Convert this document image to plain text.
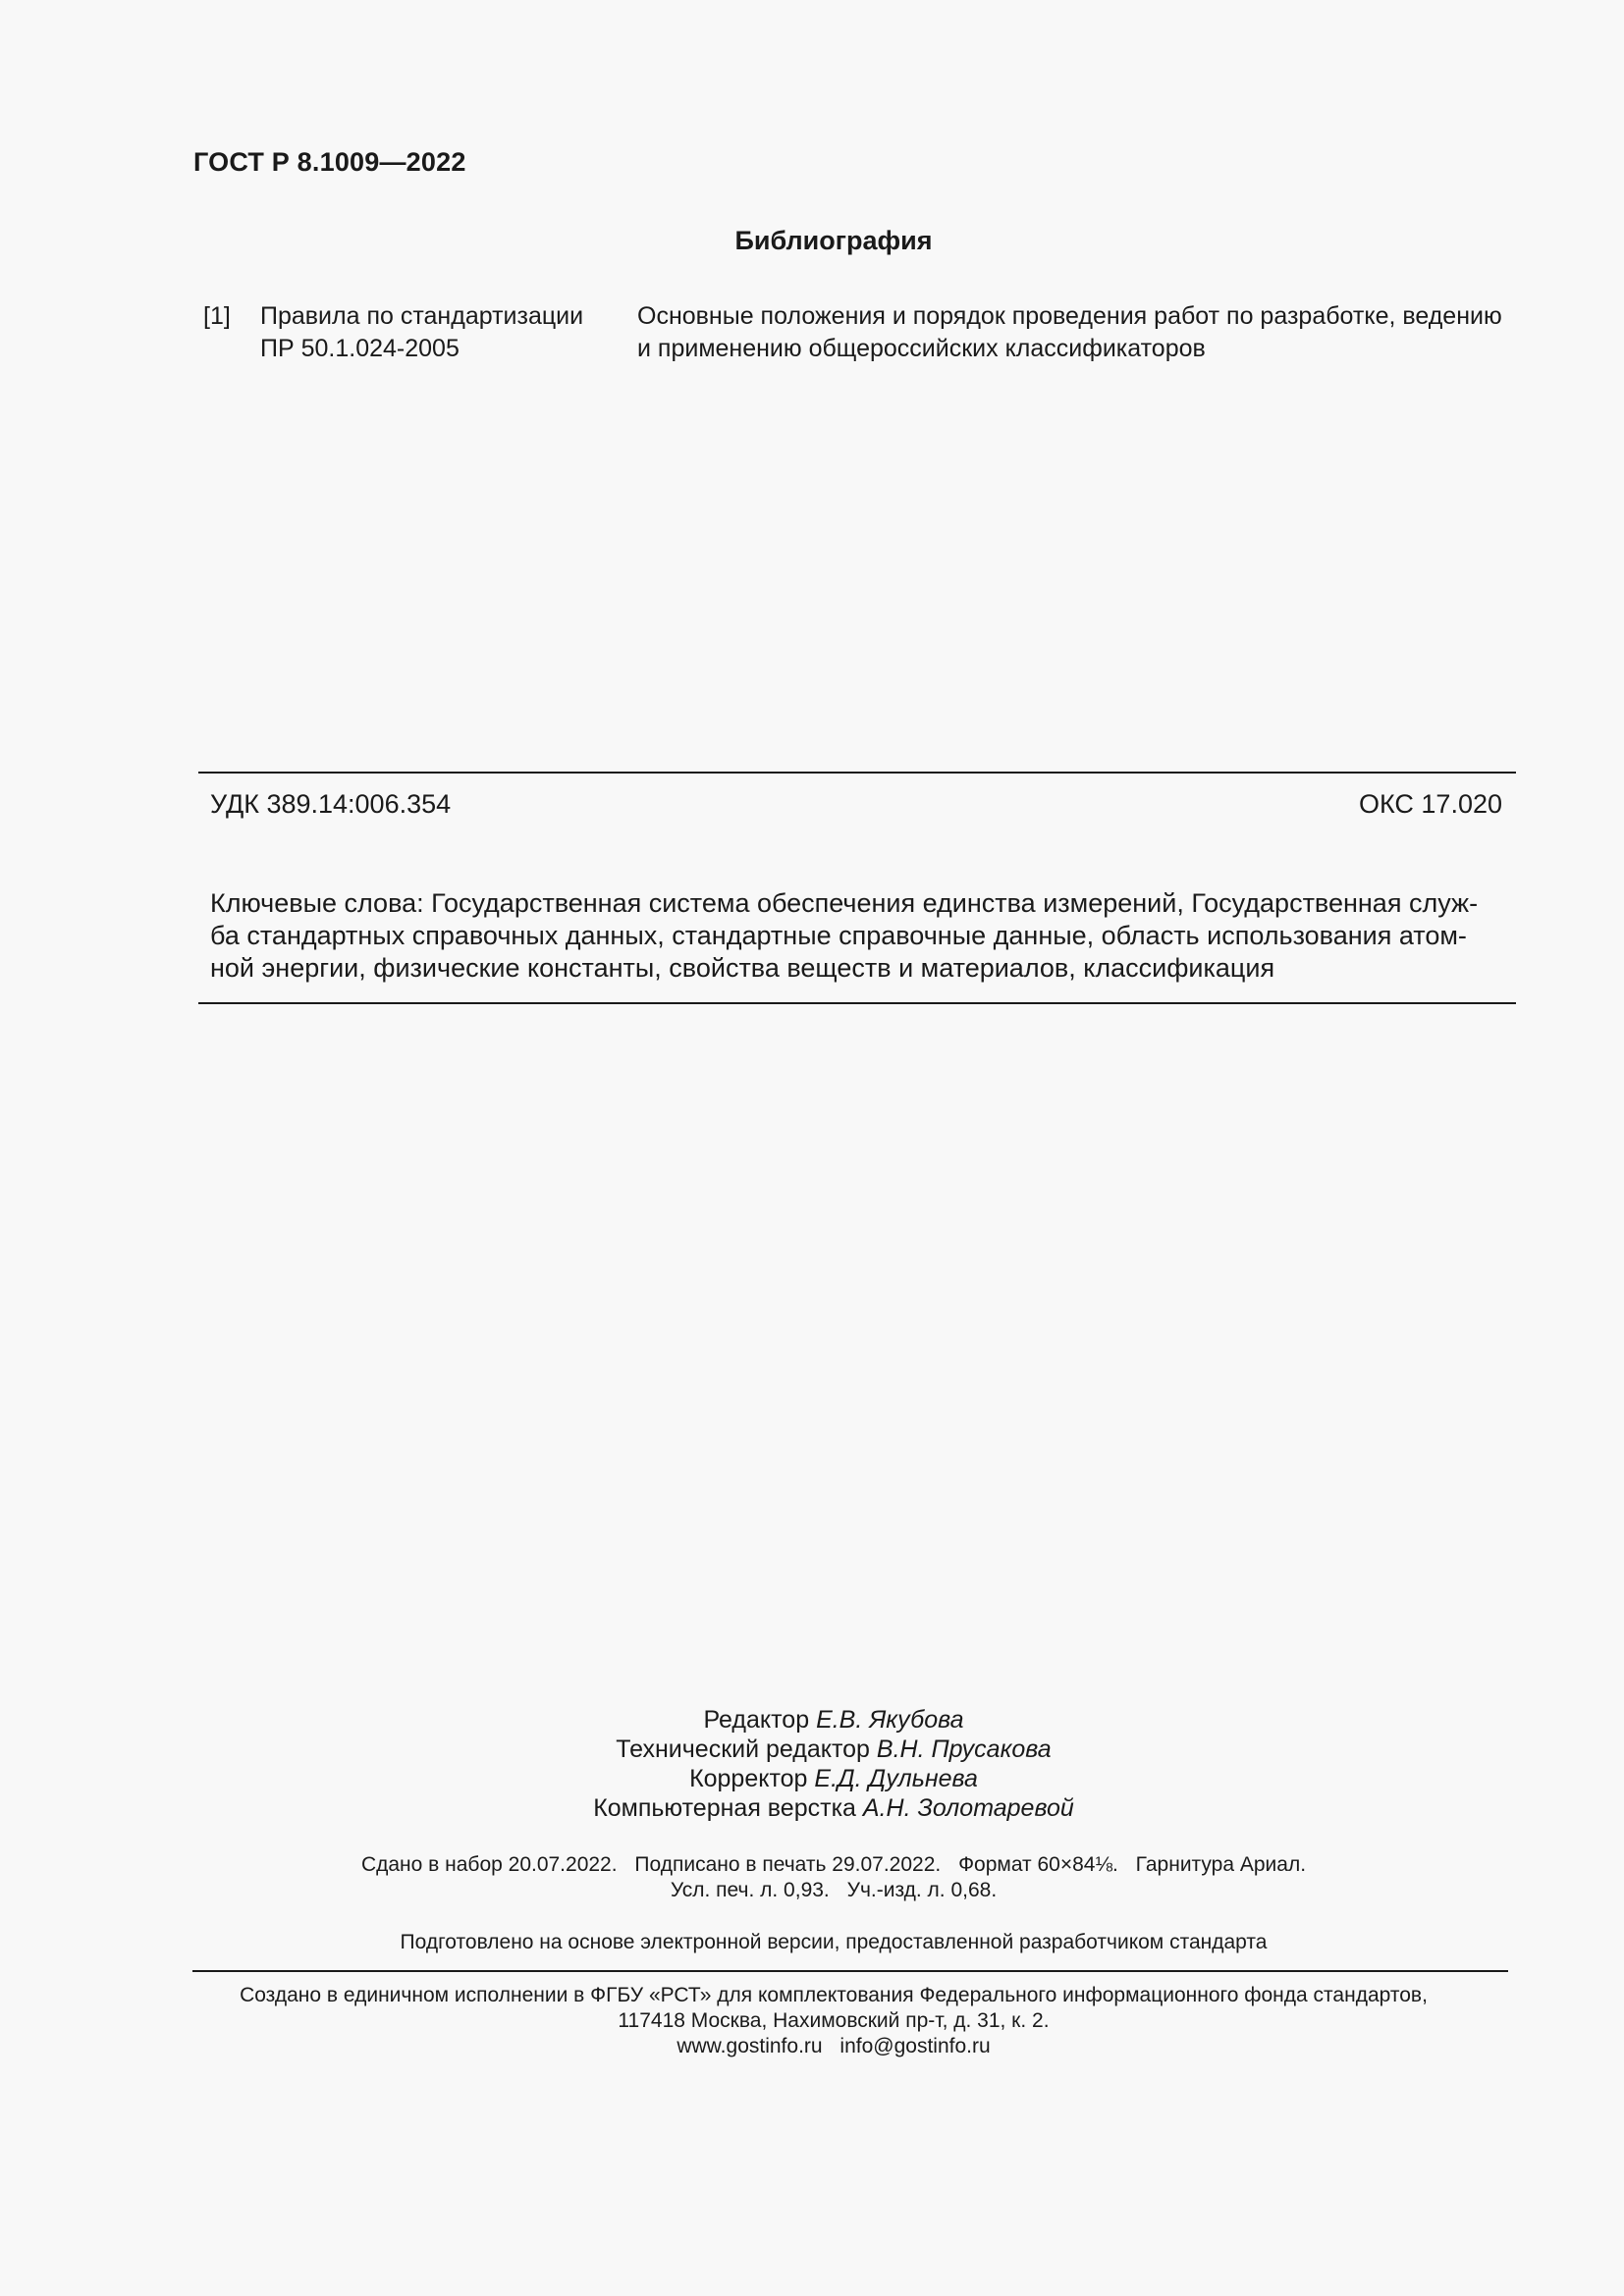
ГОСТ Р 8.1009—2022
Библиография
[1] Правила по стандартизации
ПР 50.1.024-2005
Основные положения и порядок проведения работ по разработке, ведению
и применению общероссийских классификаторов
УДК 389.14:006.354	ОКС 17.020
Ключевые слова: Государственная система обеспечения единства измерений, Государственная служ-
ба стандартных справочных данных, стандартные справочные данные, область использования атом-
ной энергии, физические константы, свойства веществ и материалов, классификация
Редактор Е.В. Якубова
Технический редактор В.Н. Прусакова
Корректор Е.Д. Дульнева
Компьютерная верстка А.Н. Золотаревой
Сдано в набор 20.07.2022. Подписано в печать 29.07.2022. Формат 60×84⅛. Гарнитура Ариал.
Усл. печ. л. 0,93. Уч.-изд. л. 0,68.
Подготовлено на основе электронной версии, предоставленной разработчиком стандарта
Создано в единичном исполнении в ФГБУ «РСТ» для комплектования Федерального информационного фонда стандартов,
117418 Москва, Нахимовский пр-т, д. 31, к. 2.
www.gostinfo.ru info@gostinfo.ru
